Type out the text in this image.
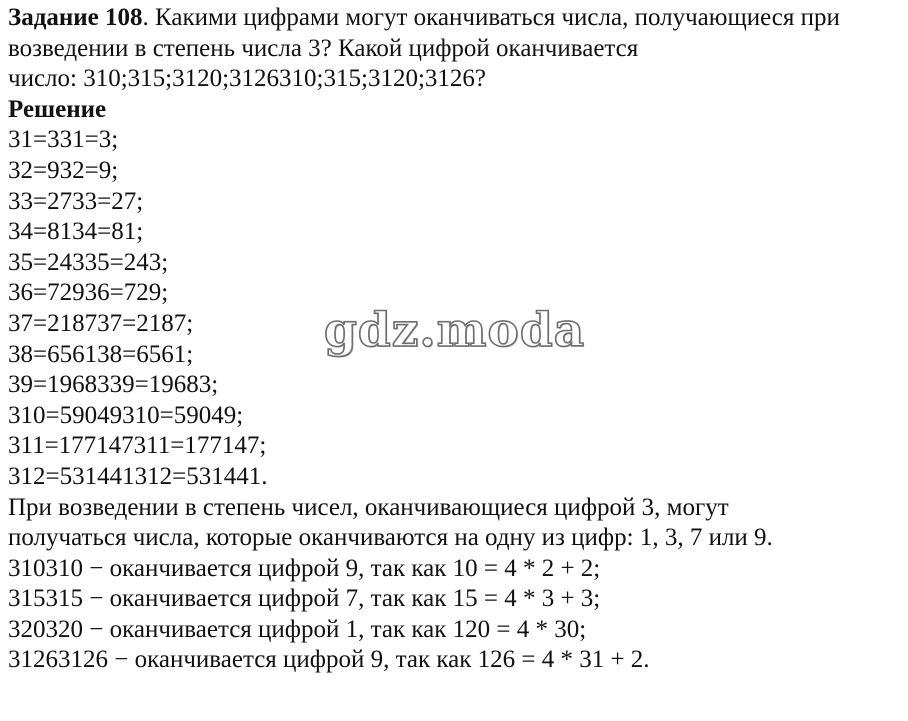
Задание 108. Какими цифрами могут оканчиваться числа, получающиеся при
возведении в степень числа 3? Какой цифрой оканчивается
число: 310;315;3120;3126310;315;3120;3126?
Решение
31=331=3;
32=932=9;
33=2733=27;
34=8134=81;
35=24335=243;
36=72936=729;
37=218737=2187;
38=656138=6561;
39=1968339=19683;
310=59049310=59049;
311=177147311=177147;
312=531441312=531441.
При возведении в степень чисел, оканчивающиеся цифрой 3, могут
получаться числа, которые оканчиваются на одну из цифр: 1, 3, 7 или 9.
310310 − оканчивается цифрой 9, так как 10 = 4 * 2 + 2;
315315 − оканчивается цифрой 7, так как 15 = 4 * 3 + 3;
320320 − оканчивается цифрой 1, так как 120 = 4 * 30;
31263126 − оканчивается цифрой 9, так как 126 = 4 * 31 + 2.
gdz.moda
